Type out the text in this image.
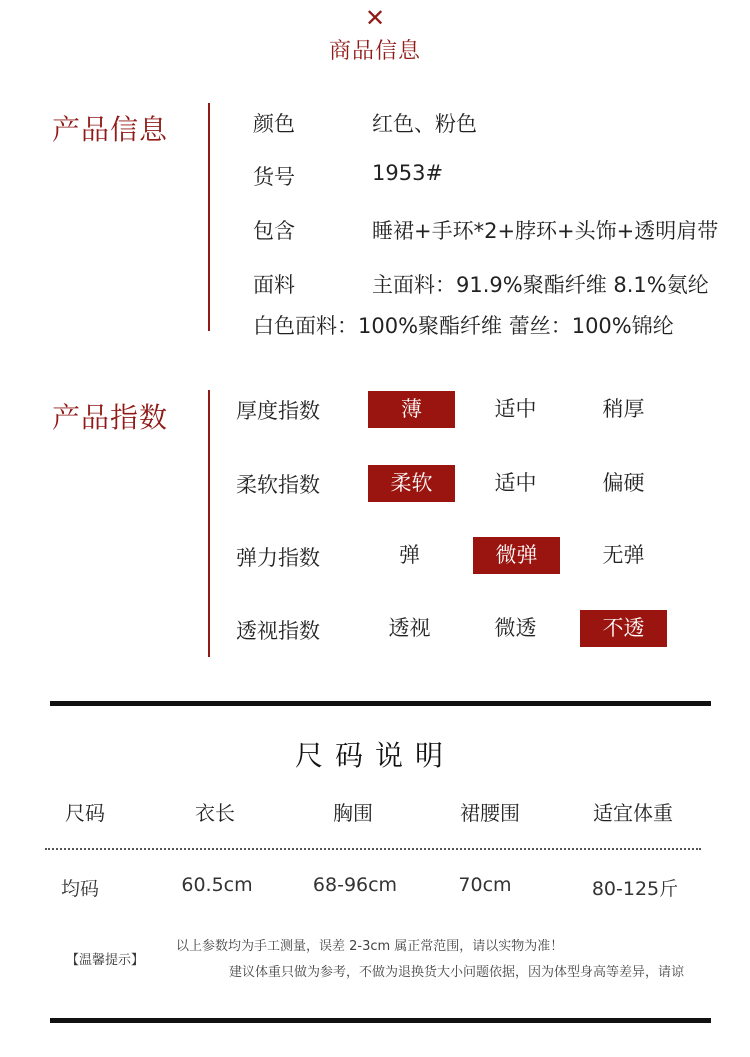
✕
商品信息
产品信息	颜色	红色、粉色
货号	1953#
包含	睡裙+手环*2+脖环+头饰+透明肩带
面料	主面料：91.9%聚酯纤维 8.1%氨纶
白色面料：100%聚酯纤维 蕾丝：100%锦纶
产品指数	厚度指数	薄	适中	稍厚
柔软指数	柔软	适中	偏硬
弹力指数	弹	微弹	无弹
透视指数	透视	微透	不透
尺码说明
尺码	衣长	胸围	裙腰围	适宜体重
均码	60.5cm	68-96cm	70cm	80-125斤
【温馨提示】
以上参数均为手工测量，误差 2-3cm 属正常范围，请以实物为准！
建议体重只做为参考，不做为退换货大小问题依据，因为体型身高等差异，请谅
